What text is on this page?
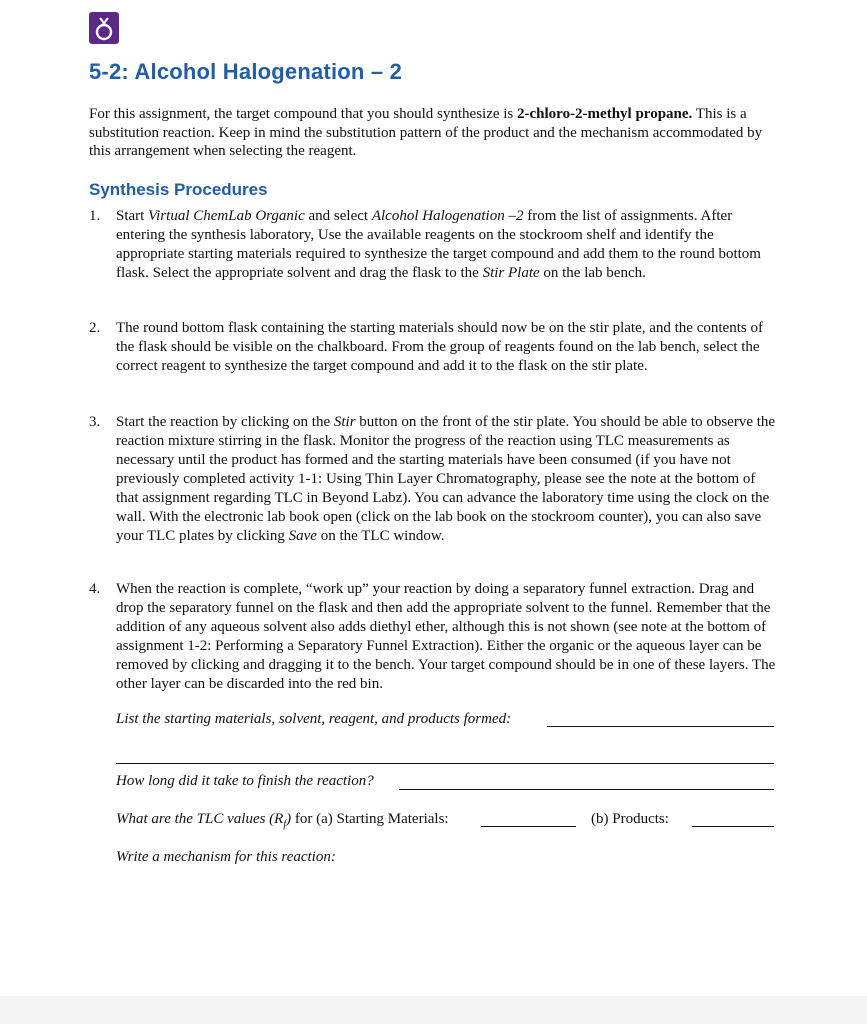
5-2: Alcohol Halogenation – 2

For this assignment, the target compound that you should synthesize is 2-chloro-2-methyl propane. This is a substitution reaction. Keep in mind the substitution pattern of the product and the mechanism accommodated by this arrangement when selecting the reagent.

Synthesis Procedures
1. Start Virtual ChemLab Organic and select Alcohol Halogenation –2 from the list of assignments. After entering the synthesis laboratory, Use the available reagents on the stockroom shelf and identify the appropriate starting materials required to synthesize the target compound and add them to the round bottom flask. Select the appropriate solvent and drag the flask to the Stir Plate on the lab bench.
2. The round bottom flask containing the starting materials should now be on the stir plate, and the contents of the flask should be visible on the chalkboard. From the group of reagents found on the lab bench, select the correct reagent to synthesize the target compound and add it to the flask on the stir plate.
3. Start the reaction by clicking on the Stir button on the front of the stir plate. You should be able to observe the reaction mixture stirring in the flask. Monitor the progress of the reaction using TLC measurements as necessary until the product has formed and the starting materials have been consumed (if you have not previously completed activity 1-1: Using Thin Layer Chromatography, please see the note at the bottom of that assignment regarding TLC in Beyond Labz). You can advance the laboratory time using the clock on the wall. With the electronic lab book open (click on the lab book on the stockroom counter), you can also save your TLC plates by clicking Save on the TLC window.
4. When the reaction is complete, “work up” your reaction by doing a separatory funnel extraction. Drag and drop the separatory funnel on the flask and then add the appropriate solvent to the funnel. Remember that the addition of any aqueous solvent also adds diethyl ether, although this is not shown (see note at the bottom of assignment 1-2: Performing a Separatory Funnel Extraction). Either the organic or the aqueous layer can be removed by clicking and dragging it to the bench. Your target compound should be in one of these layers. The other layer can be discarded into the red bin.
List the starting materials, solvent, reagent, and products formed:
How long did it take to finish the reaction?
What are the TLC values $(R_f)$ for (a) Starting Materials:	(b) Products:
Write a mechanism for this reaction:
